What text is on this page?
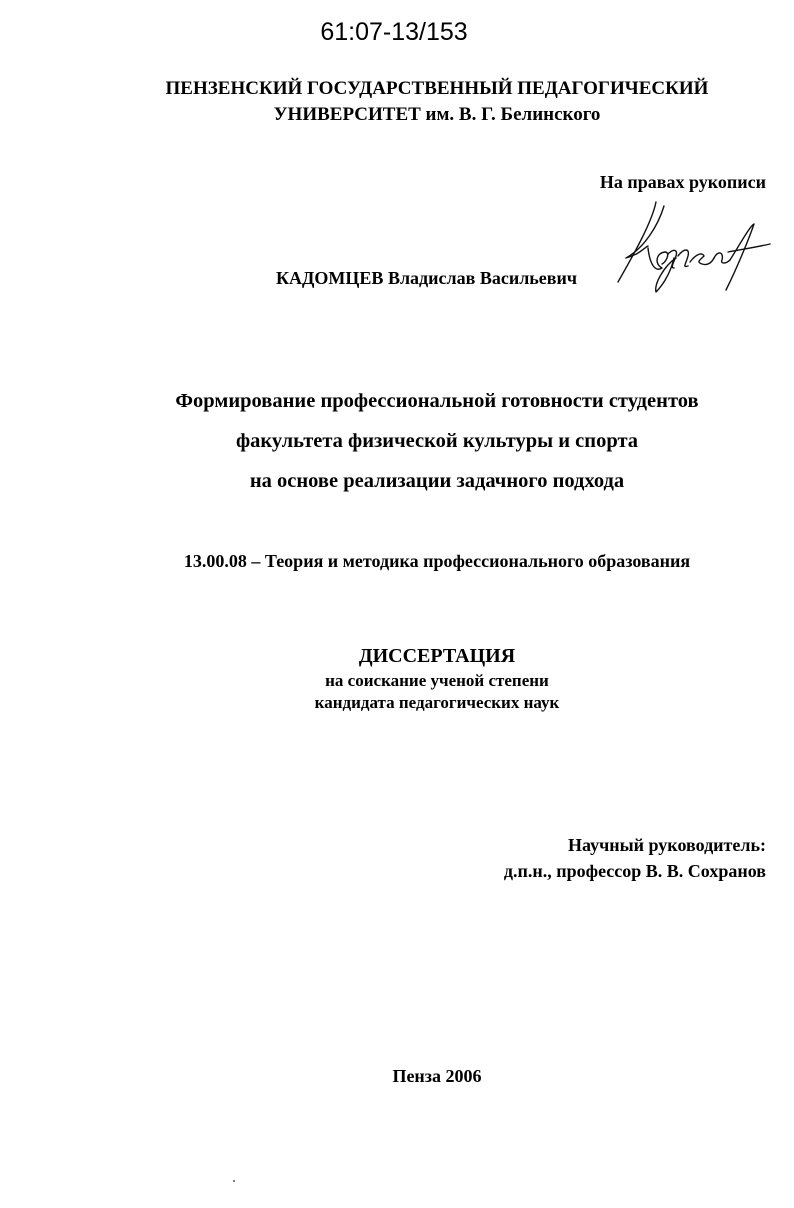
61:07-13/153
ПЕНЗЕНСКИЙ ГОСУДАРСТВЕННЫЙ ПЕДАГОГИЧЕСКИЙ
УНИВЕРСИТЕТ им. В. Г. Белинского
На правах рукописи
КАДОМЦЕВ Владислав Васильевич
Формирование профессиональной готовности студентов
факультета физической культуры и спорта
на основе реализации задачного подхода
13.00.08 – Теория и методика профессионального образования
ДИССЕРТАЦИЯ
на соискание ученой степени
кандидата педагогических наук
Научный руководитель:
д.п.н., профессор В. В. Сохранов
Пенза 2006
